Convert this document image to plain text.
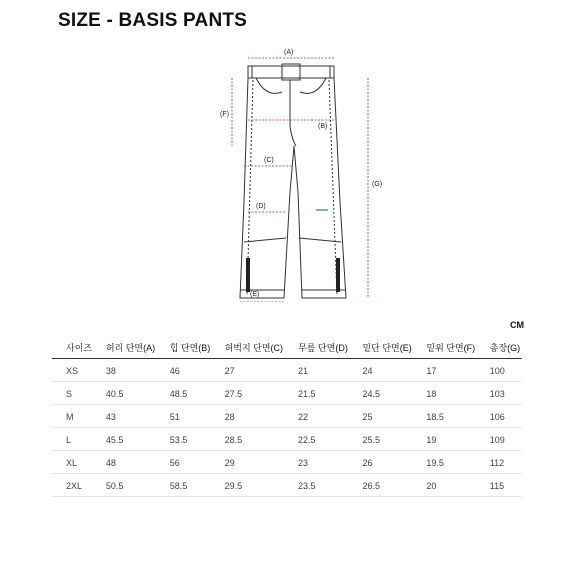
SIZE - BASIS PANTS
(A)
(B)
(C)
(D)
(E)
(F)
(G)
CM
사이즈	허리 단면(A)	힙 단면(B)	허벅지 단면(C)	무릎 단면(D)	밑단 단면(E)	밑위 단면(F)	총장(G)
XS	38	46	27	21	24	17	100
S	40.5	48.5	27.5	21.5	24.5	18	103
M	43	51	28	22	25	18.5	106
L	45.5	53.5	28.5	22.5	25.5	19	109
XL	48	56	29	23	26	19.5	112
2XL	50.5	58.5	29.5	23.5	26.5	20	115
